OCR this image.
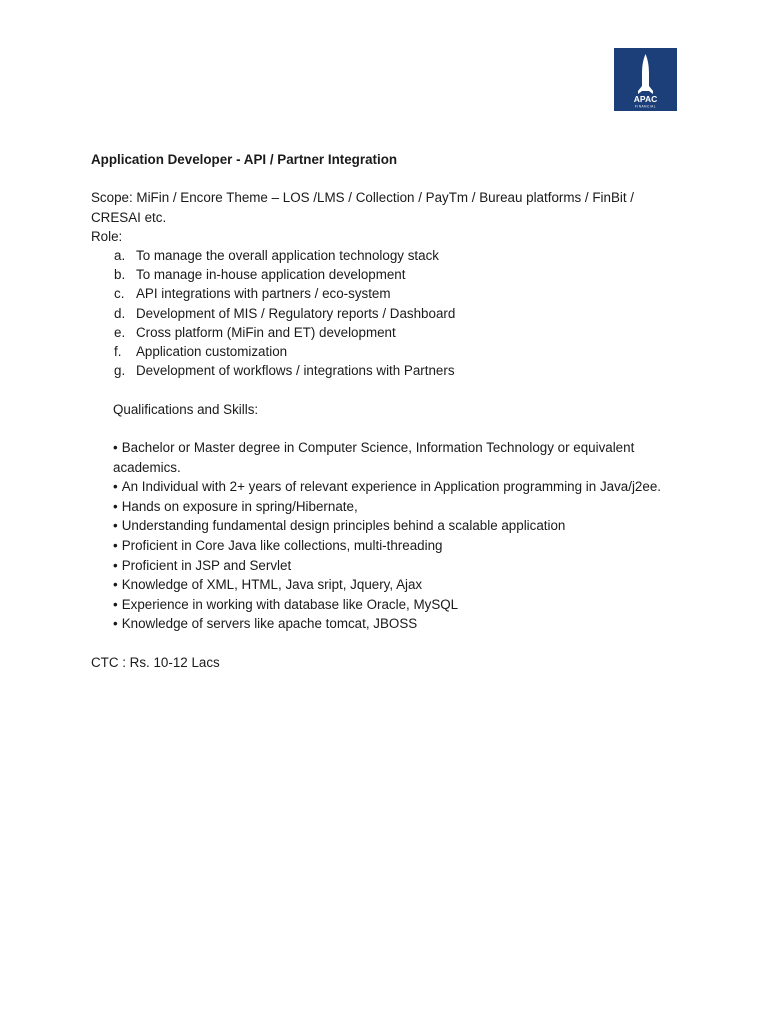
APAC
FINANCIAL
Application Developer - API / Partner Integration
Scope: MiFin / Encore Theme – LOS /LMS / Collection / PayTm / Bureau platforms / FinBit / CRESAI etc.
Role:
a. To manage the overall application technology stack
b. To manage in-house application development
c. API integrations with partners / eco-system
d. Development of MIS / Regulatory reports / Dashboard
e. Cross platform (MiFin and ET) development
f.	Application customization
g. Development of workflows / integrations with Partners
Qualifications and Skills:
• Bachelor or Master degree in Computer Science, Information Technology or equivalent academics.
• An Individual with 2+ years of relevant experience in Application programming in Java/j2ee.
• Hands on exposure in spring/Hibernate,
• Understanding fundamental design principles behind a scalable application
• Proficient in Core Java like collections, multi-threading
• Proficient in JSP and Servlet
• Knowledge of XML, HTML, Java sript, Jquery, Ajax
• Experience in working with database like Oracle, MySQL
• Knowledge of servers like apache tomcat, JBOSS
CTC : Rs. 10-12 Lacs
